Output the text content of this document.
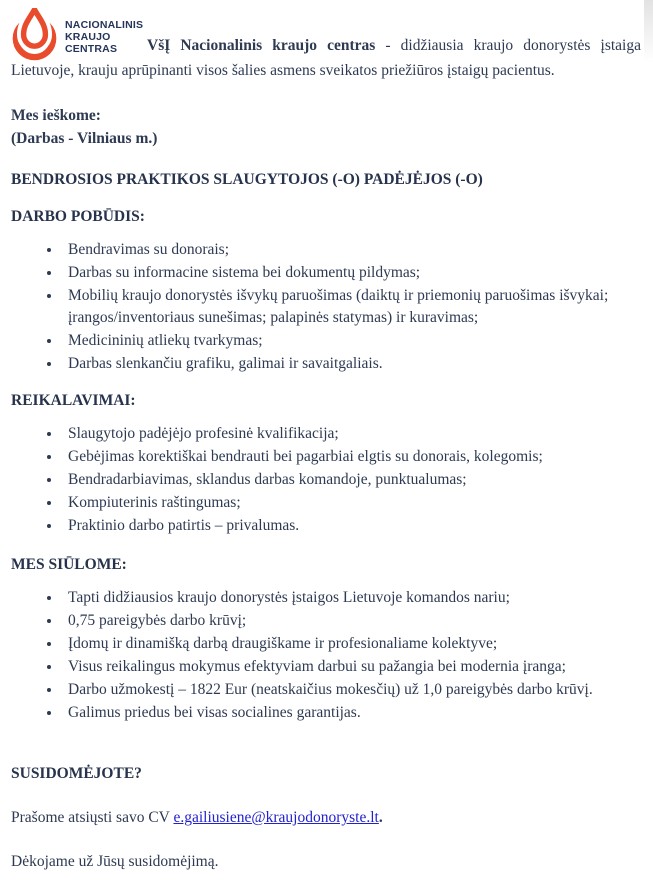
NACIONALINIS
KRAUJO
CENTRAS	VšĮ Nacionalinis kraujo centras - didžiausia kraujo donorystės įstaiga Lietuvoje, krauju aprūpinanti visos šalies asmens sveikatos priežiūros įstaigų pacientus.

Mes ieškome:

(Darbas - Vilniaus m.)

BENDROSIOS PRAKTIKOS SLAUGYTOJOS (-O) PADĖJĖJOS (-O)

DARBO POBŪDIS:

• Bendravimas su donorais;
• Darbas su informacine sistema bei dokumentų pildymas;
• Mobilių kraujo donorystės išvykų paruošimas (daiktų ir priemonių paruošimas išvykai; įrangos/inventoriaus sunešimas; palapinės statymas) ir kuravimas;
• Medicininių atliekų tvarkymas;
• Darbas slenkančiu grafiku, galimai ir savaitgaliais.

REIKALAVIMAI:

• Slaugytojo padėjėjo profesinė kvalifikacija;
• Gebėjimas korektiškai bendrauti bei pagarbiai elgtis su donorais, kolegomis;
• Bendradarbiavimas, sklandus darbas komandoje, punktualumas;
• Kompiuterinis raštingumas;
• Praktinio darbo patirtis – privalumas.

MES SIŪLOME:

• Tapti didžiausios kraujo donorystės įstaigos Lietuvoje komandos nariu;
• 0,75 pareigybės darbo krūvį;
• Įdomų ir dinamišką darbą draugiškame ir profesionaliame kolektyve;
• Visus reikalingus mokymus efektyviam darbui su pažangia bei modernia įranga;
• Darbo užmokestį – 1822 Eur (neatskaičius mokesčių) už 1,0 pareigybės darbo krūvį.
• Galimus priedus bei visas socialines garantijas.

SUSIDOMĖJOTE?

Prašome atsiųsti savo CV e.gailiusiene@kraujodonoryste.lt.

Dėkojame už Jūsų susidomėjimą.
